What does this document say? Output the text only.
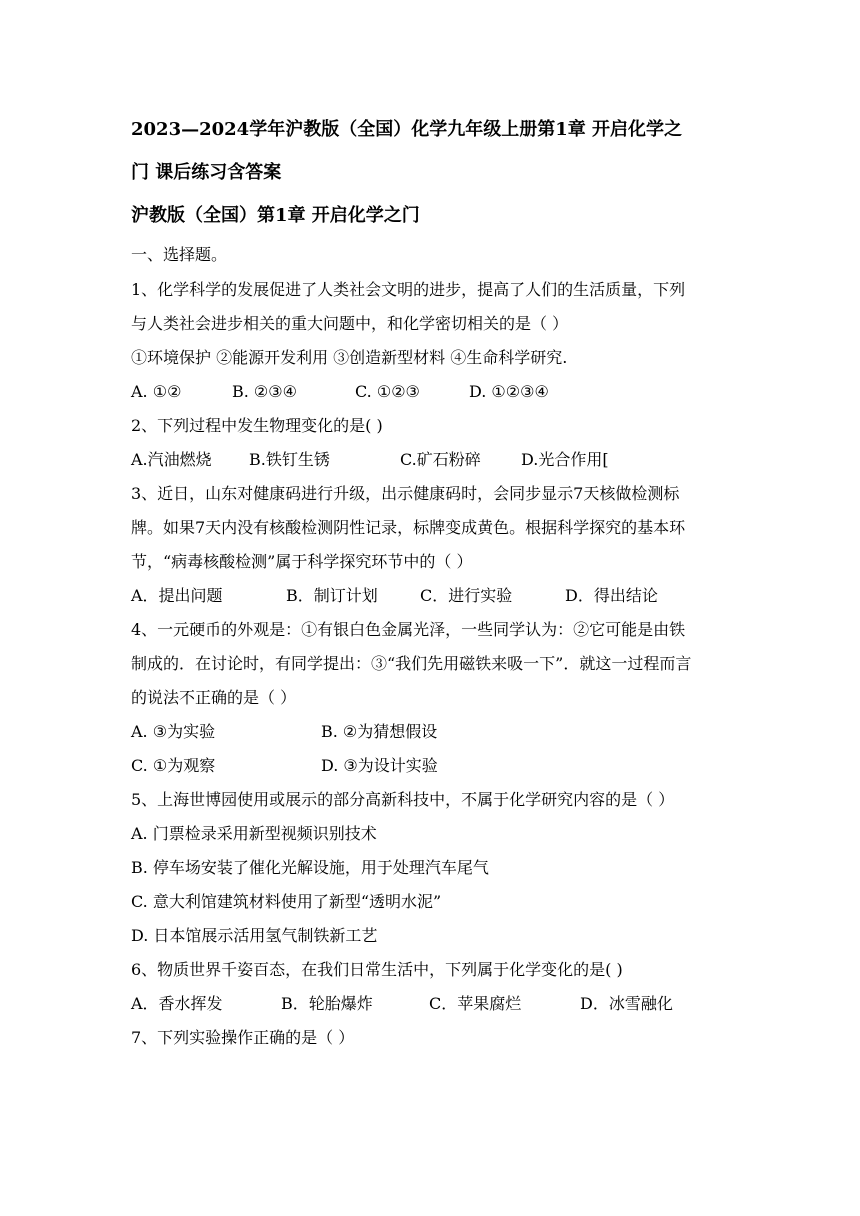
2023—2024学年沪教版（全国）化学九年级上册第1章 开启化学之
门 课后练习含答案
沪教版（全国）第1章 开启化学之门
一、选择题。
1、化学科学的发展促进了人类社会文明的进步，提高了人们的生活质量，下列
与人类社会进步相关的重大问题中，和化学密切相关的是（ ）
①环境保护 ②能源开发利用 ③创造新型材料 ④生命科学研究.
A. ①②	B. ②③④	C. ①②③	D. ①②③④
2、下列过程中发生物理变化的是( )
A.汽油燃烧 B.铁钉生锈	C.矿石粉碎	D.光合作用[
3、近日，山东对健康码进行升级，出示健康码时，会同步显示7天核做检测标
牌。如果7天内没有核酸检测阴性记录，标牌变成黄色。根据科学探究的基本环
节，“病毒核酸检测”属于科学探究环节中的（ ）
A．提出问题	B．制订计划	C．进行实验	D．得出结论
4、一元硬币的外观是：①有银白色金属光泽，一些同学认为：②它可能是由铁
制成的．在讨论时，有同学提出：③“我们先用磁铁来吸一下”．就这一过程而言
的说法不正确的是（ ）
A. ③为实验	B. ②为猜想假设
C. ①为观察	D. ③为设计实验
5、上海世博园使用或展示的部分高新科技中，不属于化学研究内容的是（ ）
A. 门票检录采用新型视频识别技术
B. 停车场安装了催化光解设施，用于处理汽车尾气
C. 意大利馆建筑材料使用了新型“透明水泥”
D. 日本馆展示活用氢气制铁新工艺
6、物质世界千姿百态，在我们日常生活中，下列属于化学变化的是( )
A．香水挥发	B．轮胎爆炸	C．苹果腐烂	D．冰雪融化
7、下列实验操作正确的是（ ）
